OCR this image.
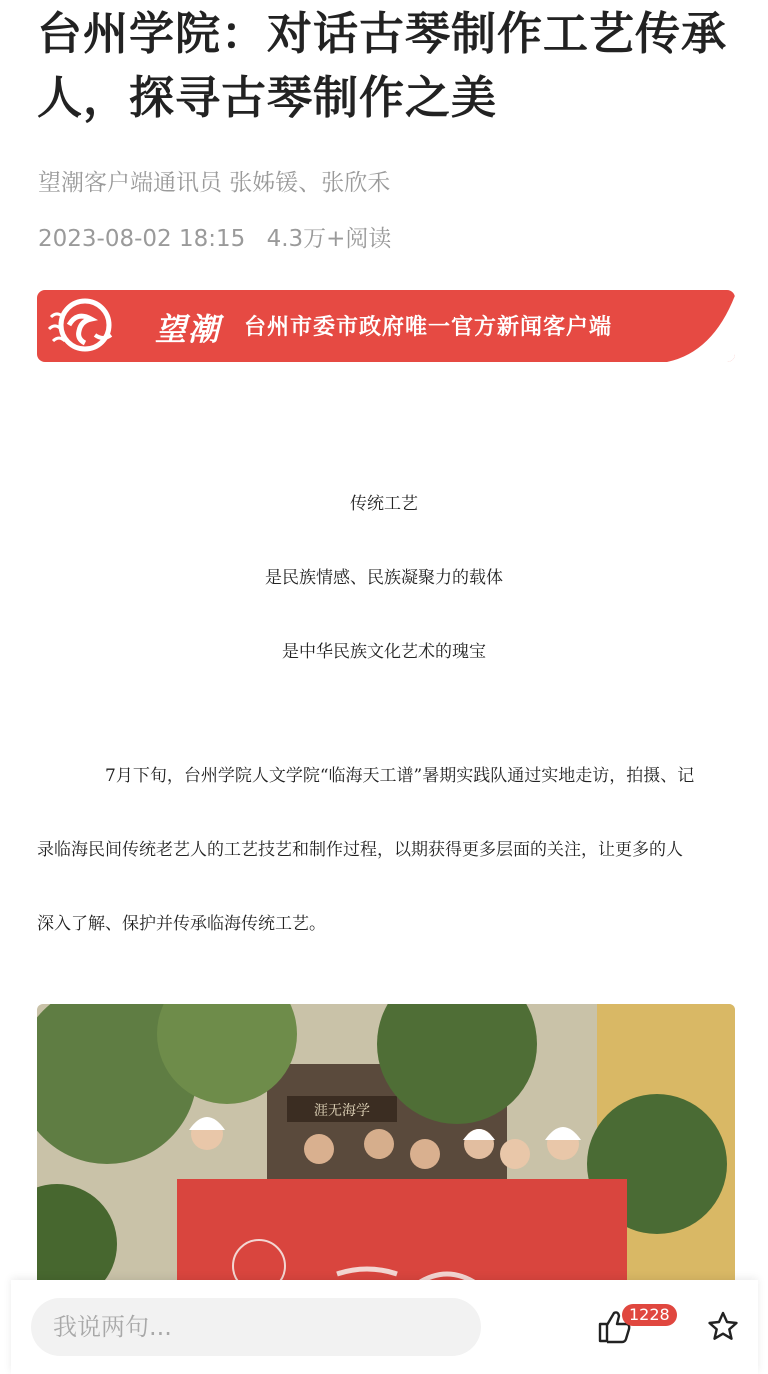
台州学院：对话古琴制作工艺传承人，探寻古琴制作之美
望潮客户端通讯员 张姊锾、张欣禾
2023-08-02 18:15 4.3万+阅读
望潮 台州市委市政府唯一官方新闻客户端
传统工艺
是民族情感、民族凝聚力的载体
是中华民族文化艺术的瑰宝
7月下旬，台州学院人文学院“临海天工谱”暑期实践队通过实地走访，拍摄、记
录临海民间传统老艺人的工艺技艺和制作过程，以期获得更多层面的关注，让更多的人
深入了解、保护并传承临海传统工艺。
涯无海学
我说两句...
1228
